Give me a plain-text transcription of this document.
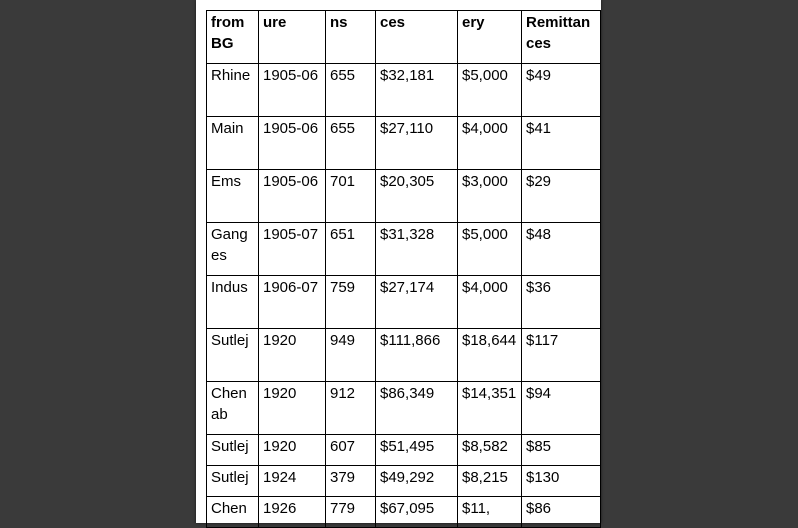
from BG	ure	ns	ces	ery	Remittances
Rhine	1905-06	655	$32,181	$5,000	$49
Main	1905-06	655	$27,110	$4,000	$41
Ems	1905-06	701	$20,305	$3,000	$29
Ganges	1905-07	651	$31,328	$5,000	$48
Indus	1906-07	759	$27,174	$4,000	$36
Sutlej	1920	949	$111,866	$18,644	$117
Chenab	1920	912	$86,349	$14,351	$94
Sutlej	1920	607	$51,495	$8,582	$85
Sutlej	1924	379	$49,292	$8,215	$130
Chen	1926	779	$67,095	$11,	$86
